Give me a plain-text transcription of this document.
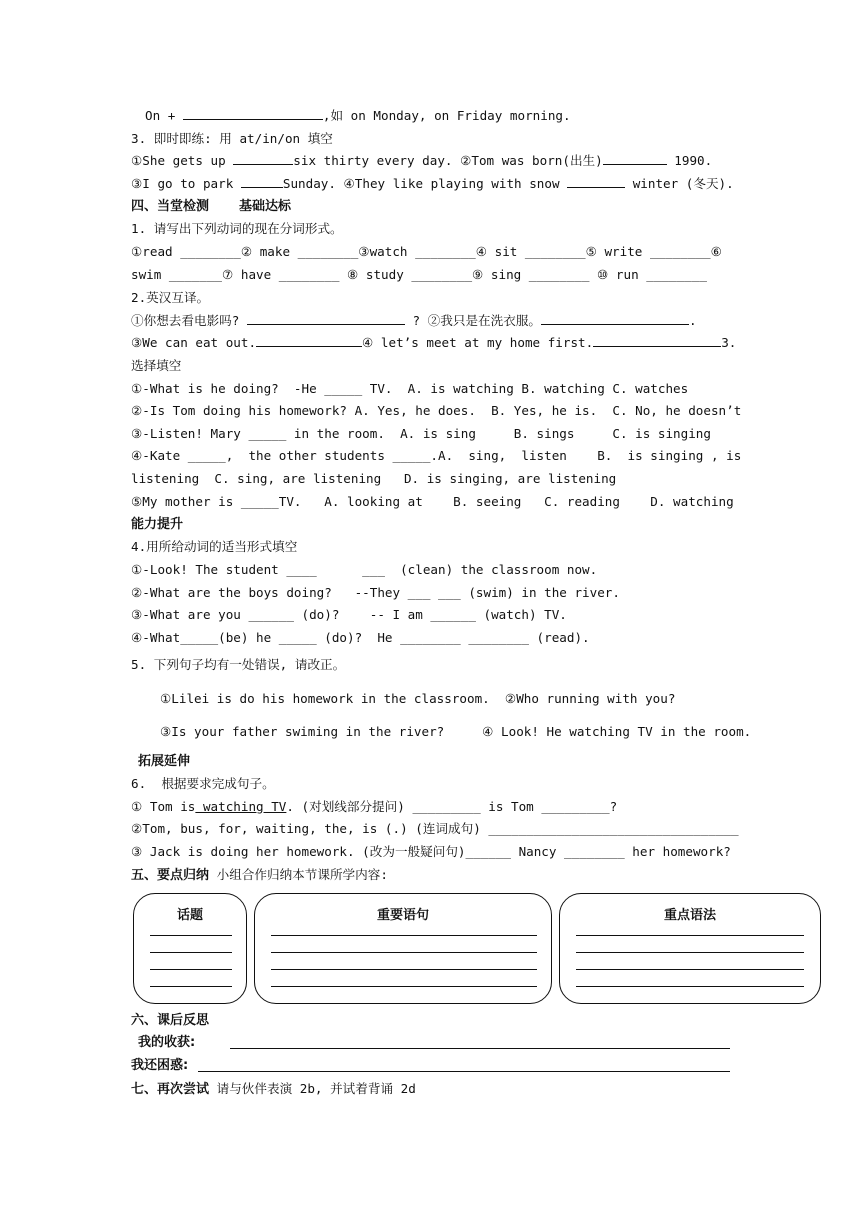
On +	,如 on Monday, on Friday morning.
3. 即时即练: 用 at/in/on 填空
①She gets up	six thirty every day. ②Tom was born(出生)	1990.
③I go to park	Sunday. ④They like playing with snow	winter (冬天).
四、当堂检测 基础达标
1. 请写出下列动词的现在分词形式。
①read ________② make ________③watch ________④ sit ________⑤ write ________⑥
swim _______⑦ have ________ ⑧ study ________⑨ sing ________ ⑩ run ________
2.英汉互译。
①你想去看电影吗?	? ②我只是在洗衣服。	.
③We can eat out.	④ let’s meet at my home first.	3.
选择填空
①-What is he doing?  -He _____ TV.  A. is watching B. watching C. watches
②-Is Tom doing his homework? A. Yes, he does.  B. Yes, he is.  C. No, he doesn’t
③-Listen! Mary _____ in the room.  A. is sing     B. sings     C. is singing
④-Kate _____,  the other students _____.A.  sing,  listen    B.  is singing , is
listening  C. sing, are listening   D. is singing, are listening
⑤My mother is _____TV.   A. looking at    B. seeing   C. reading    D. watching
能力提升
4.用所给动词的适当形式填空
①-Look! The student ____      ___  (clean) the classroom now.
②-What are the boys doing?   --They ___ ___ (swim) in the river.
③-What are you ______ (do)?    -- I am ______ (watch) TV.
④-What_____(be) he _____ (do)?  He ________ ________ (read).
5. 下列句子均有一处错误, 请改正。
①Lilei is do his homework in the classroom.  ②Who running with you?
③Is your father swiming in the river?     ④ Look! He watching TV in the room.
拓展延伸
6.  根据要求完成句子。
① Tom is watching TV. (对划线部分提问) _________ is Tom _________?
②Tom, bus, for, waiting, the, is (.) (连词成句) _________________________________
③ Jack is doing her homework. (改为一般疑问句)______ Nancy ________ her homework?
五、要点归纳 小组合作归纳本节课所学内容:
话题	重要语句	重点语法
六、课后反思
我的收获:
我还困惑:
七、再次尝试 请与伙伴表演 2b, 并试着背诵 2d
